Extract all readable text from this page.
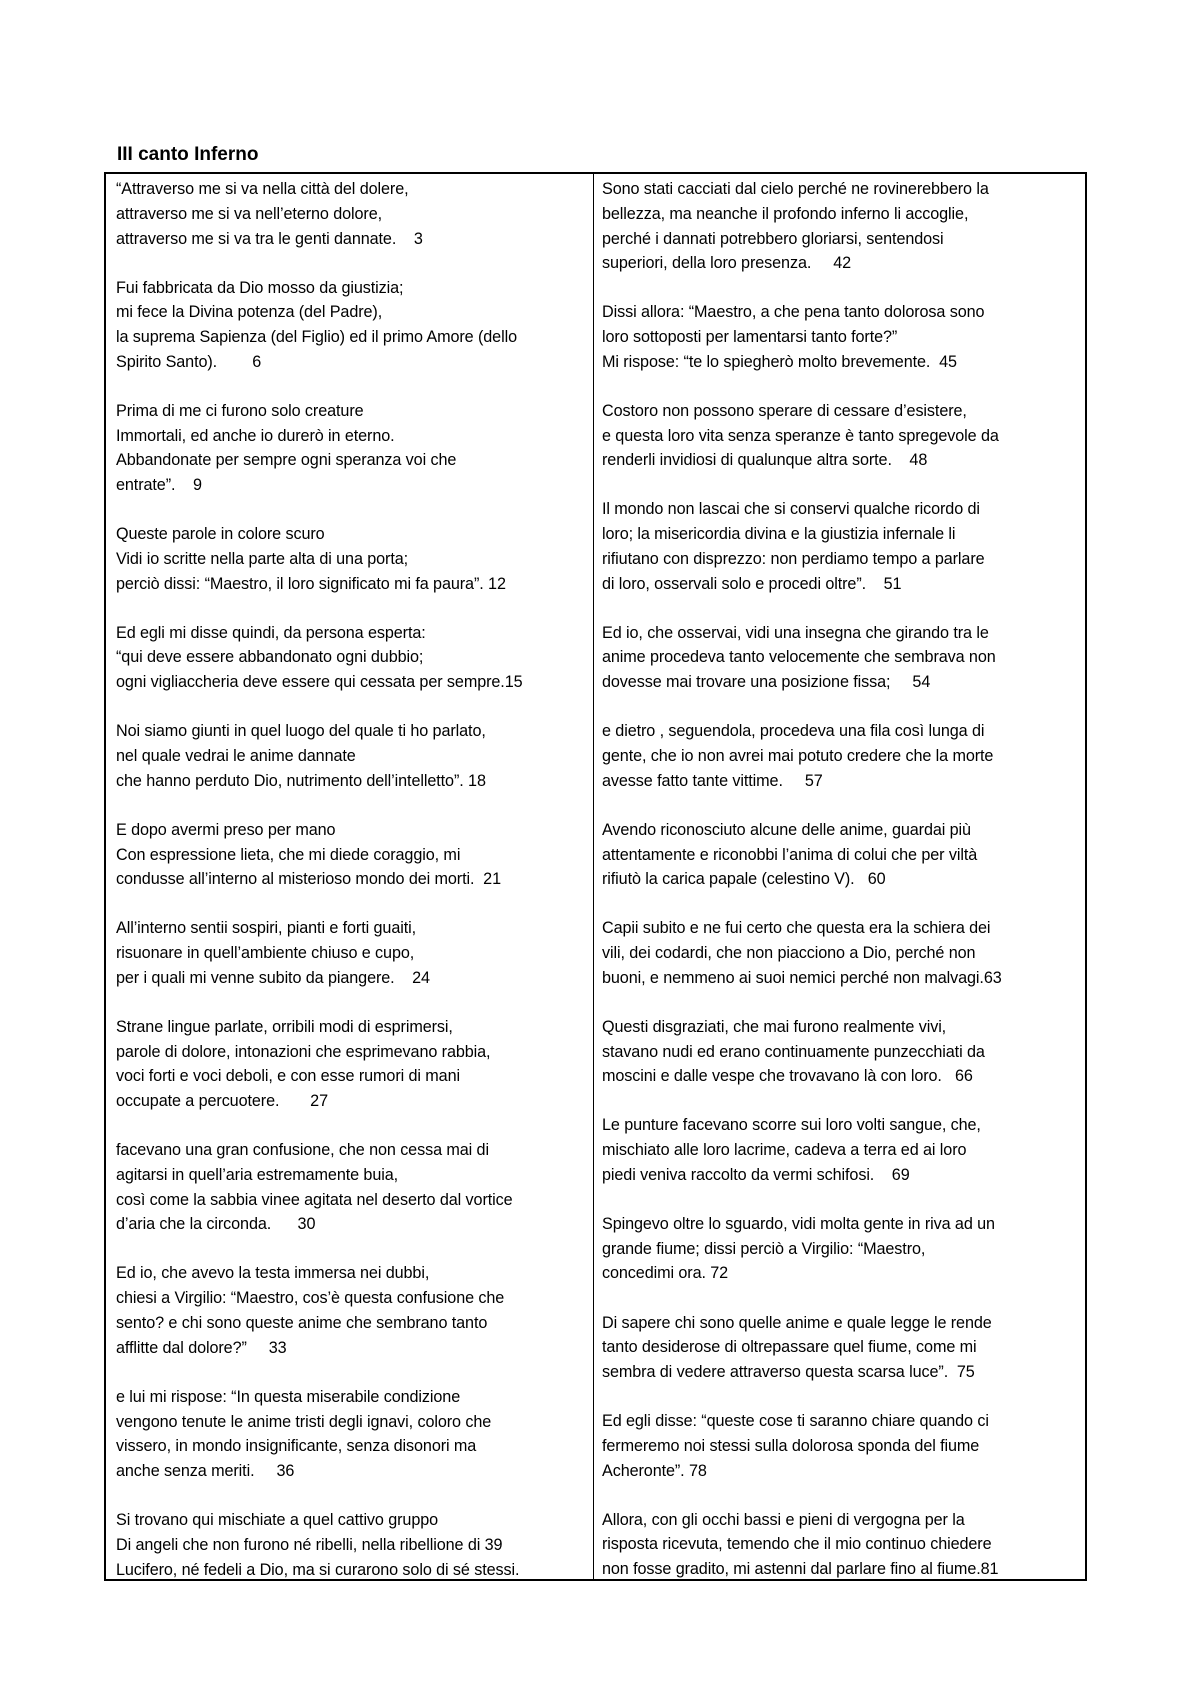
III canto Inferno
“Attraverso me si va nella città del dolere,
attraverso me si va nell’eterno dolore,
attraverso me si va tra le genti dannate.    3
Fui fabbricata da Dio mosso da giustizia;
mi fece la Divina potenza (del Padre),
la suprema Sapienza (del Figlio) ed il primo Amore (dello
Spirito Santo).        6
Prima di me ci furono solo creature
Immortali, ed anche io durerò in eterno.
Abbandonate per sempre ogni speranza voi che
entrate”.    9
Queste parole in colore scuro
Vidi io scritte nella parte alta di una porta;
perciò dissi: “Maestro, il loro significato mi fa paura”. 12
Ed egli mi disse quindi, da persona esperta:
“qui deve essere abbandonato ogni dubbio;
ogni vigliaccheria deve essere qui cessata per sempre.15
Noi siamo giunti in quel luogo del quale ti ho parlato,
nel quale vedrai le anime dannate
che hanno perduto Dio, nutrimento dell’intelletto”. 18
E dopo avermi preso per mano
Con espressione lieta, che mi diede coraggio, mi
condusse all’interno al misterioso mondo dei morti.  21
All’interno sentii sospiri, pianti e forti guaiti,
risuonare in quell’ambiente chiuso e cupo,
per i quali mi venne subito da piangere.    24
Strane lingue parlate, orribili modi di esprimersi,
parole di dolore, intonazioni che esprimevano rabbia,
voci forti e voci deboli, e con esse rumori di mani
occupate a percuotere.       27
facevano una gran confusione, che non cessa mai di
agitarsi in quell’aria estremamente buia,
così come la sabbia vinee agitata nel deserto dal vortice
d’aria che la circonda.      30
Ed io, che avevo la testa immersa nei dubbi,
chiesi a Virgilio: “Maestro, cos’è questa confusione che
sento? e chi sono queste anime che sembrano tanto
afflitte dal dolore?”     33
e lui mi rispose: “In questa miserabile condizione
vengono tenute le anime tristi degli ignavi, coloro che
vissero, in mondo insignificante, senza disonori ma
anche senza meriti.     36
Si trovano qui mischiate a quel cattivo gruppo
Di angeli che non furono né ribelli, nella ribellione di 39
Lucifero, né fedeli a Dio, ma si curarono solo di sé stessi.
Sono stati cacciati dal cielo perché ne rovinerebbero la
bellezza, ma neanche il profondo inferno li accoglie,
perché i dannati potrebbero gloriarsi, sentendosi
superiori, della loro presenza.     42
Dissi allora: “Maestro, a che pena tanto dolorosa sono
loro sottoposti per lamentarsi tanto forte?”
Mi rispose: “te lo spiegherò molto brevemente.  45
Costoro non possono sperare di cessare d’esistere,
e questa loro vita senza speranze è tanto spregevole da
renderli invidiosi di qualunque altra sorte.    48
Il mondo non lascai che si conservi qualche ricordo di
loro; la misericordia divina e la giustizia infernale li
rifiutano con disprezzo: non perdiamo tempo a parlare
di loro, osservali solo e procedi oltre”.    51
Ed io, che osservai, vidi una insegna che girando tra le
anime procedeva tanto velocemente che sembrava non
dovesse mai trovare una posizione fissa;     54
e dietro , seguendola, procedeva una fila così lunga di
gente, che io non avrei mai potuto credere che la morte
avesse fatto tante vittime.     57
Avendo riconosciuto alcune delle anime, guardai più
attentamente e riconobbi l’anima di colui che per viltà
rifiutò la carica papale (celestino V).   60
Capii subito e ne fui certo che questa era la schiera dei
vili, dei codardi, che non piacciono a Dio, perché non
buoni, e nemmeno ai suoi nemici perché non malvagi.63
Questi disgraziati, che mai furono realmente vivi,
stavano nudi ed erano continuamente punzecchiati da
moscini e dalle vespe che trovavano là con loro.   66
Le punture facevano scorre sui loro volti sangue, che,
mischiato alle loro lacrime, cadeva a terra ed ai loro
piedi veniva raccolto da vermi schifosi.    69
Spingevo oltre lo sguardo, vidi molta gente in riva ad un
grande fiume; dissi perciò a Virgilio: “Maestro,
concedimi ora. 72
Di sapere chi sono quelle anime e quale legge le rende
tanto desiderose di oltrepassare quel fiume, come mi
sembra di vedere attraverso questa scarsa luce”.  75
Ed egli disse: “queste cose ti saranno chiare quando ci
fermeremo noi stessi sulla dolorosa sponda del fiume
Acheronte”. 78
Allora, con gli occhi bassi e pieni di vergogna per la
risposta ricevuta, temendo che il mio continuo chiedere
non fosse gradito, mi astenni dal parlare fino al fiume.81
